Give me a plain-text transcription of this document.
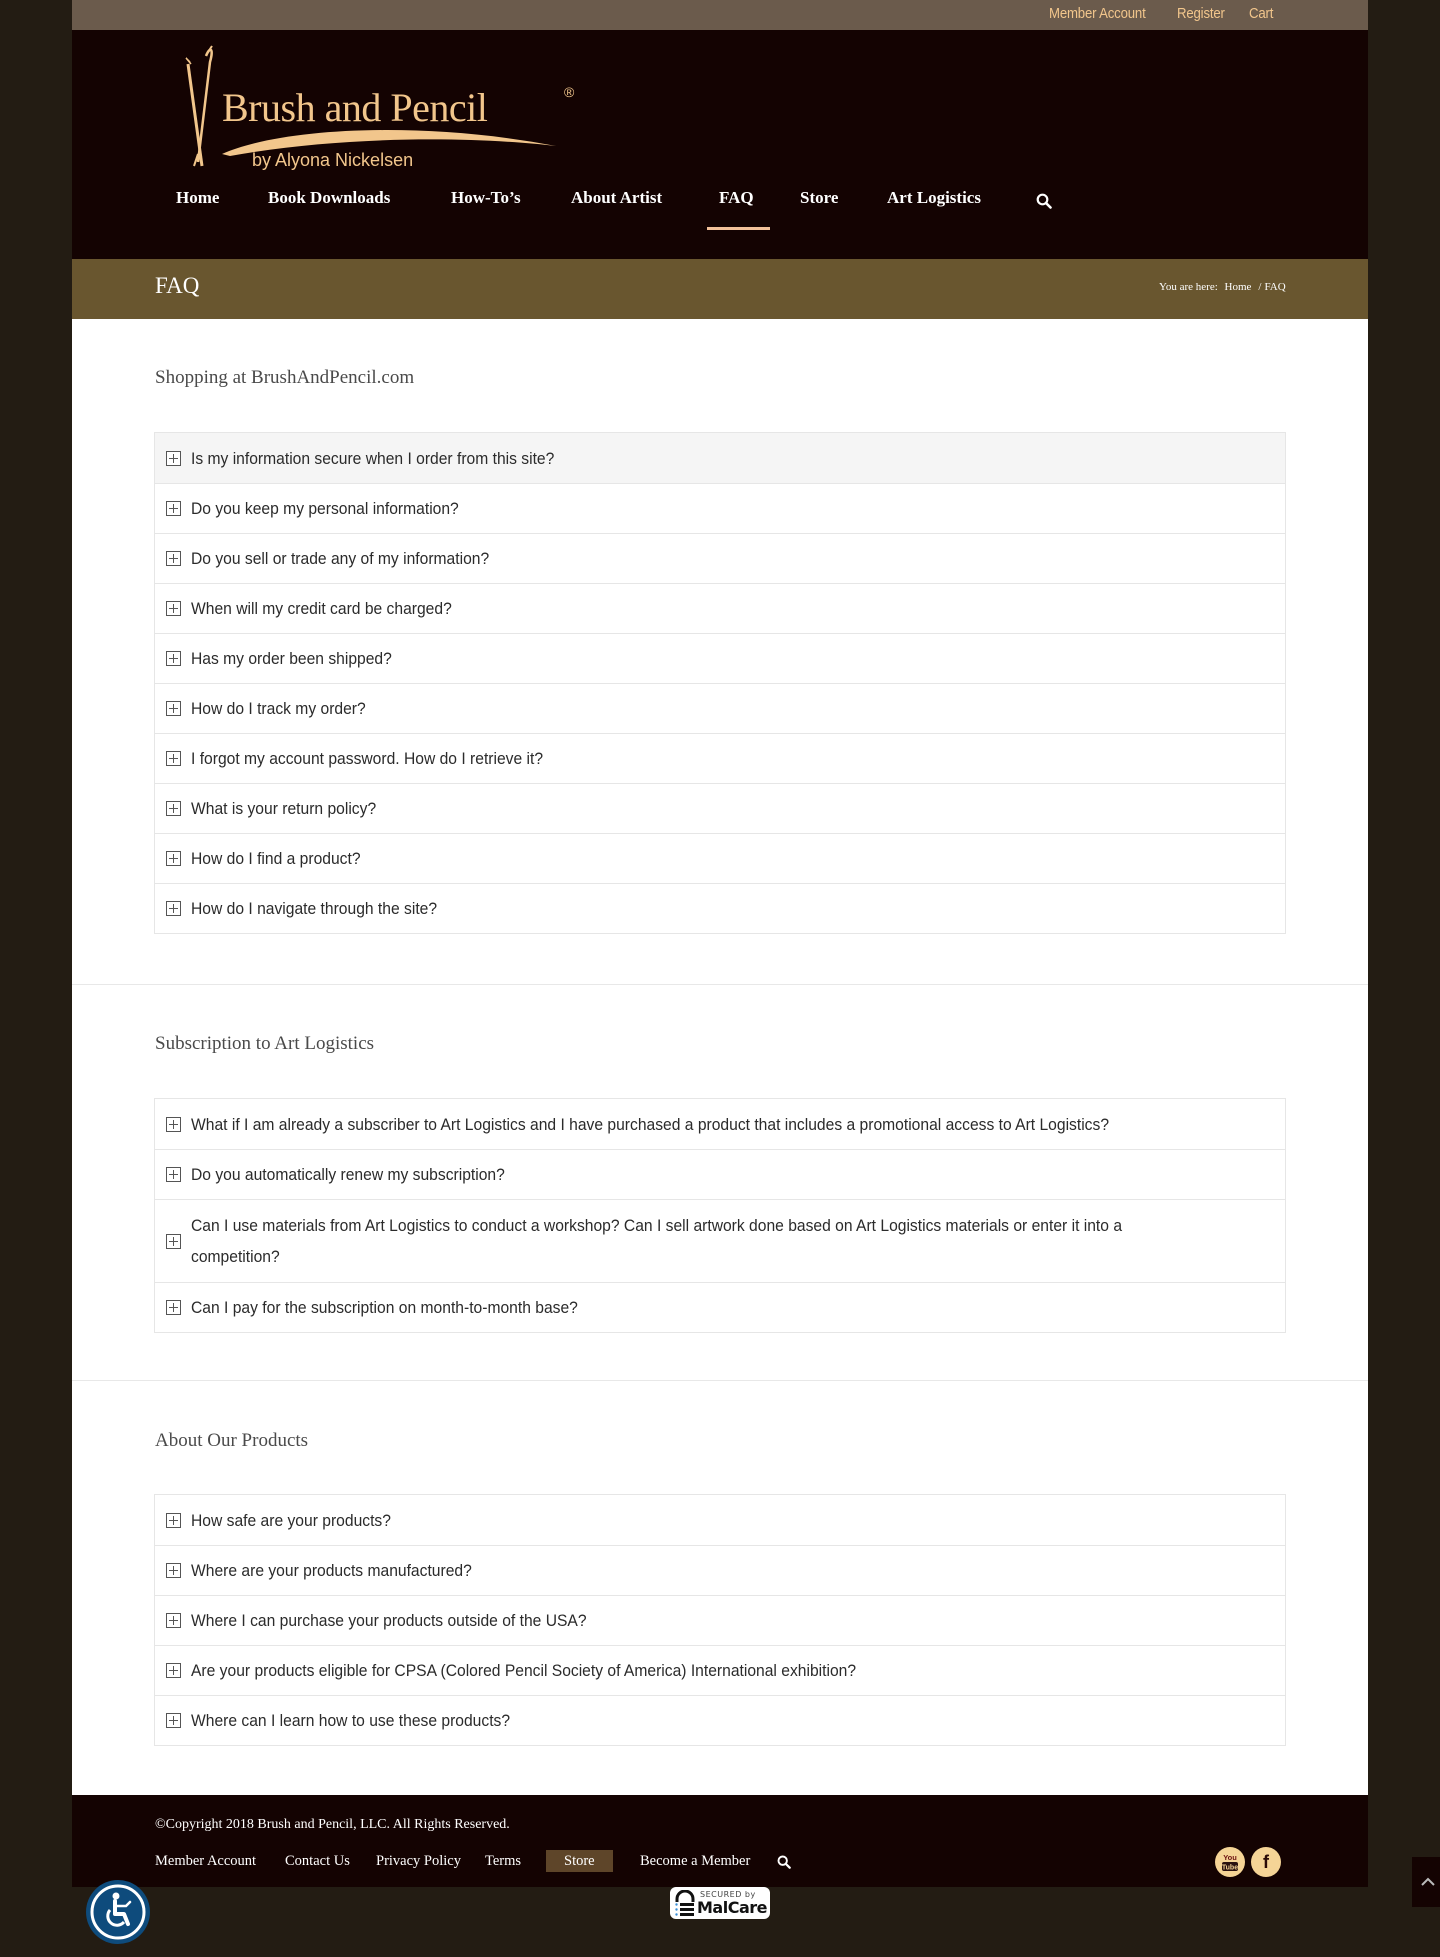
Member Account Register Cart
Brush and Pencil	®
by Alyona Nickelsen
Home	Book Downloads	How-To’s	About Artist	FAQ	Store	Art Logistics
FAQ	You are here: Home / FAQ
Shopping at BrushAndPencil.com
Is my information secure when I order from this site?
Do you keep my personal information?
Do you sell or trade any of my information?
When will my credit card be charged?
Has my order been shipped?
How do I track my order?
I forgot my account password. How do I retrieve it?
What is your return policy?
How do I find a product?
How do I navigate through the site?
Subscription to Art Logistics
What if I am already a subscriber to Art Logistics and I have purchased a product that includes a promotional access to Art Logistics?
Do you automatically renew my subscription?
Can I use materials from Art Logistics to conduct a workshop? Can I sell artwork done based on Art Logistics materials or enter it into a competition?
Can I pay for the subscription on month-to-month base?
About Our Products
How safe are your products?
Where are your products manufactured?
Where I can purchase your products outside of the USA?
Are your products eligible for CPSA (Colored Pencil Society of America) International exhibition?
Where can I learn how to use these products?
©Copyright 2018 Brush and Pencil, LLC. All Rights Reserved.
Member Account Contact Us Privacy Policy Terms	Store	Become a Member	You
Tube f
SECURED by
MalCare
